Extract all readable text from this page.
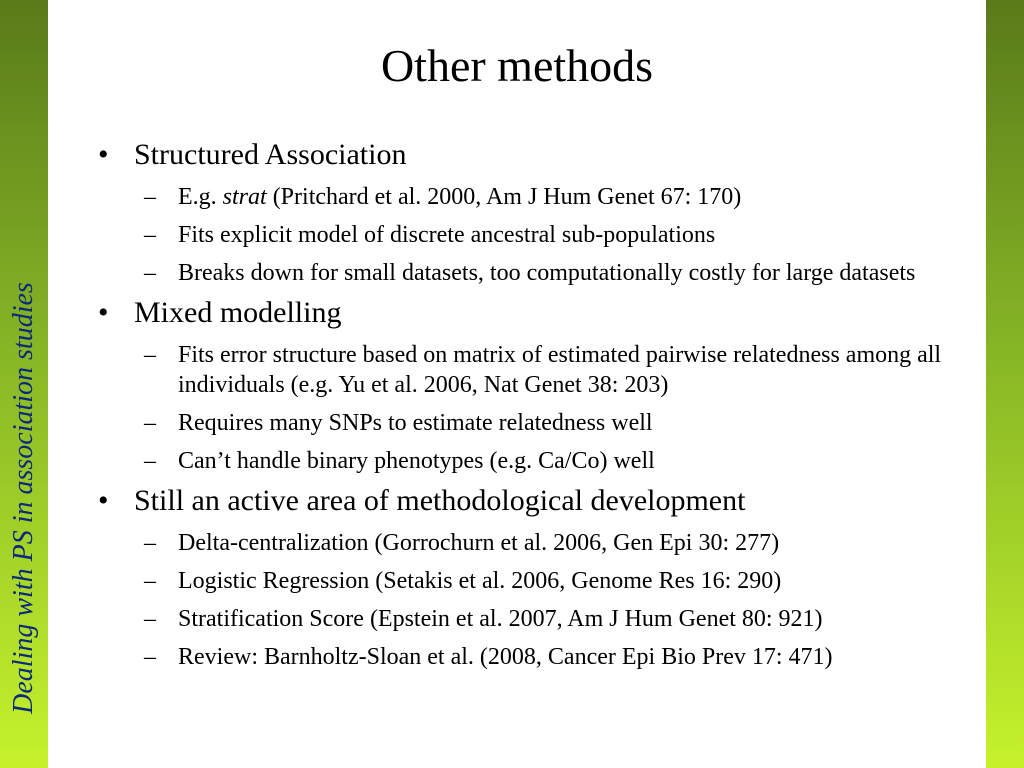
Dealing with PS in association studies
Other methods
• Structured Association
– E.g. strat (Pritchard et al. 2000, Am J Hum Genet 67: 170)
– Fits explicit model of discrete ancestral sub-populations
– Breaks down for small datasets, too computationally costly for large datasets
• Mixed modelling
– Fits error structure based on matrix of estimated pairwise relatedness among all individuals (e.g. Yu et al. 2006, Nat Genet 38: 203)
– Requires many SNPs to estimate relatedness well
– Can’t handle binary phenotypes (e.g. Ca/Co) well
• Still an active area of methodological development
– Delta-centralization (Gorrochurn et al. 2006, Gen Epi 30: 277)
– Logistic Regression (Setakis et al. 2006, Genome Res 16: 290)
– Stratification Score (Epstein et al. 2007, Am J Hum Genet 80: 921)
– Review: Barnholtz-Sloan et al. (2008, Cancer Epi Bio Prev 17: 471)
